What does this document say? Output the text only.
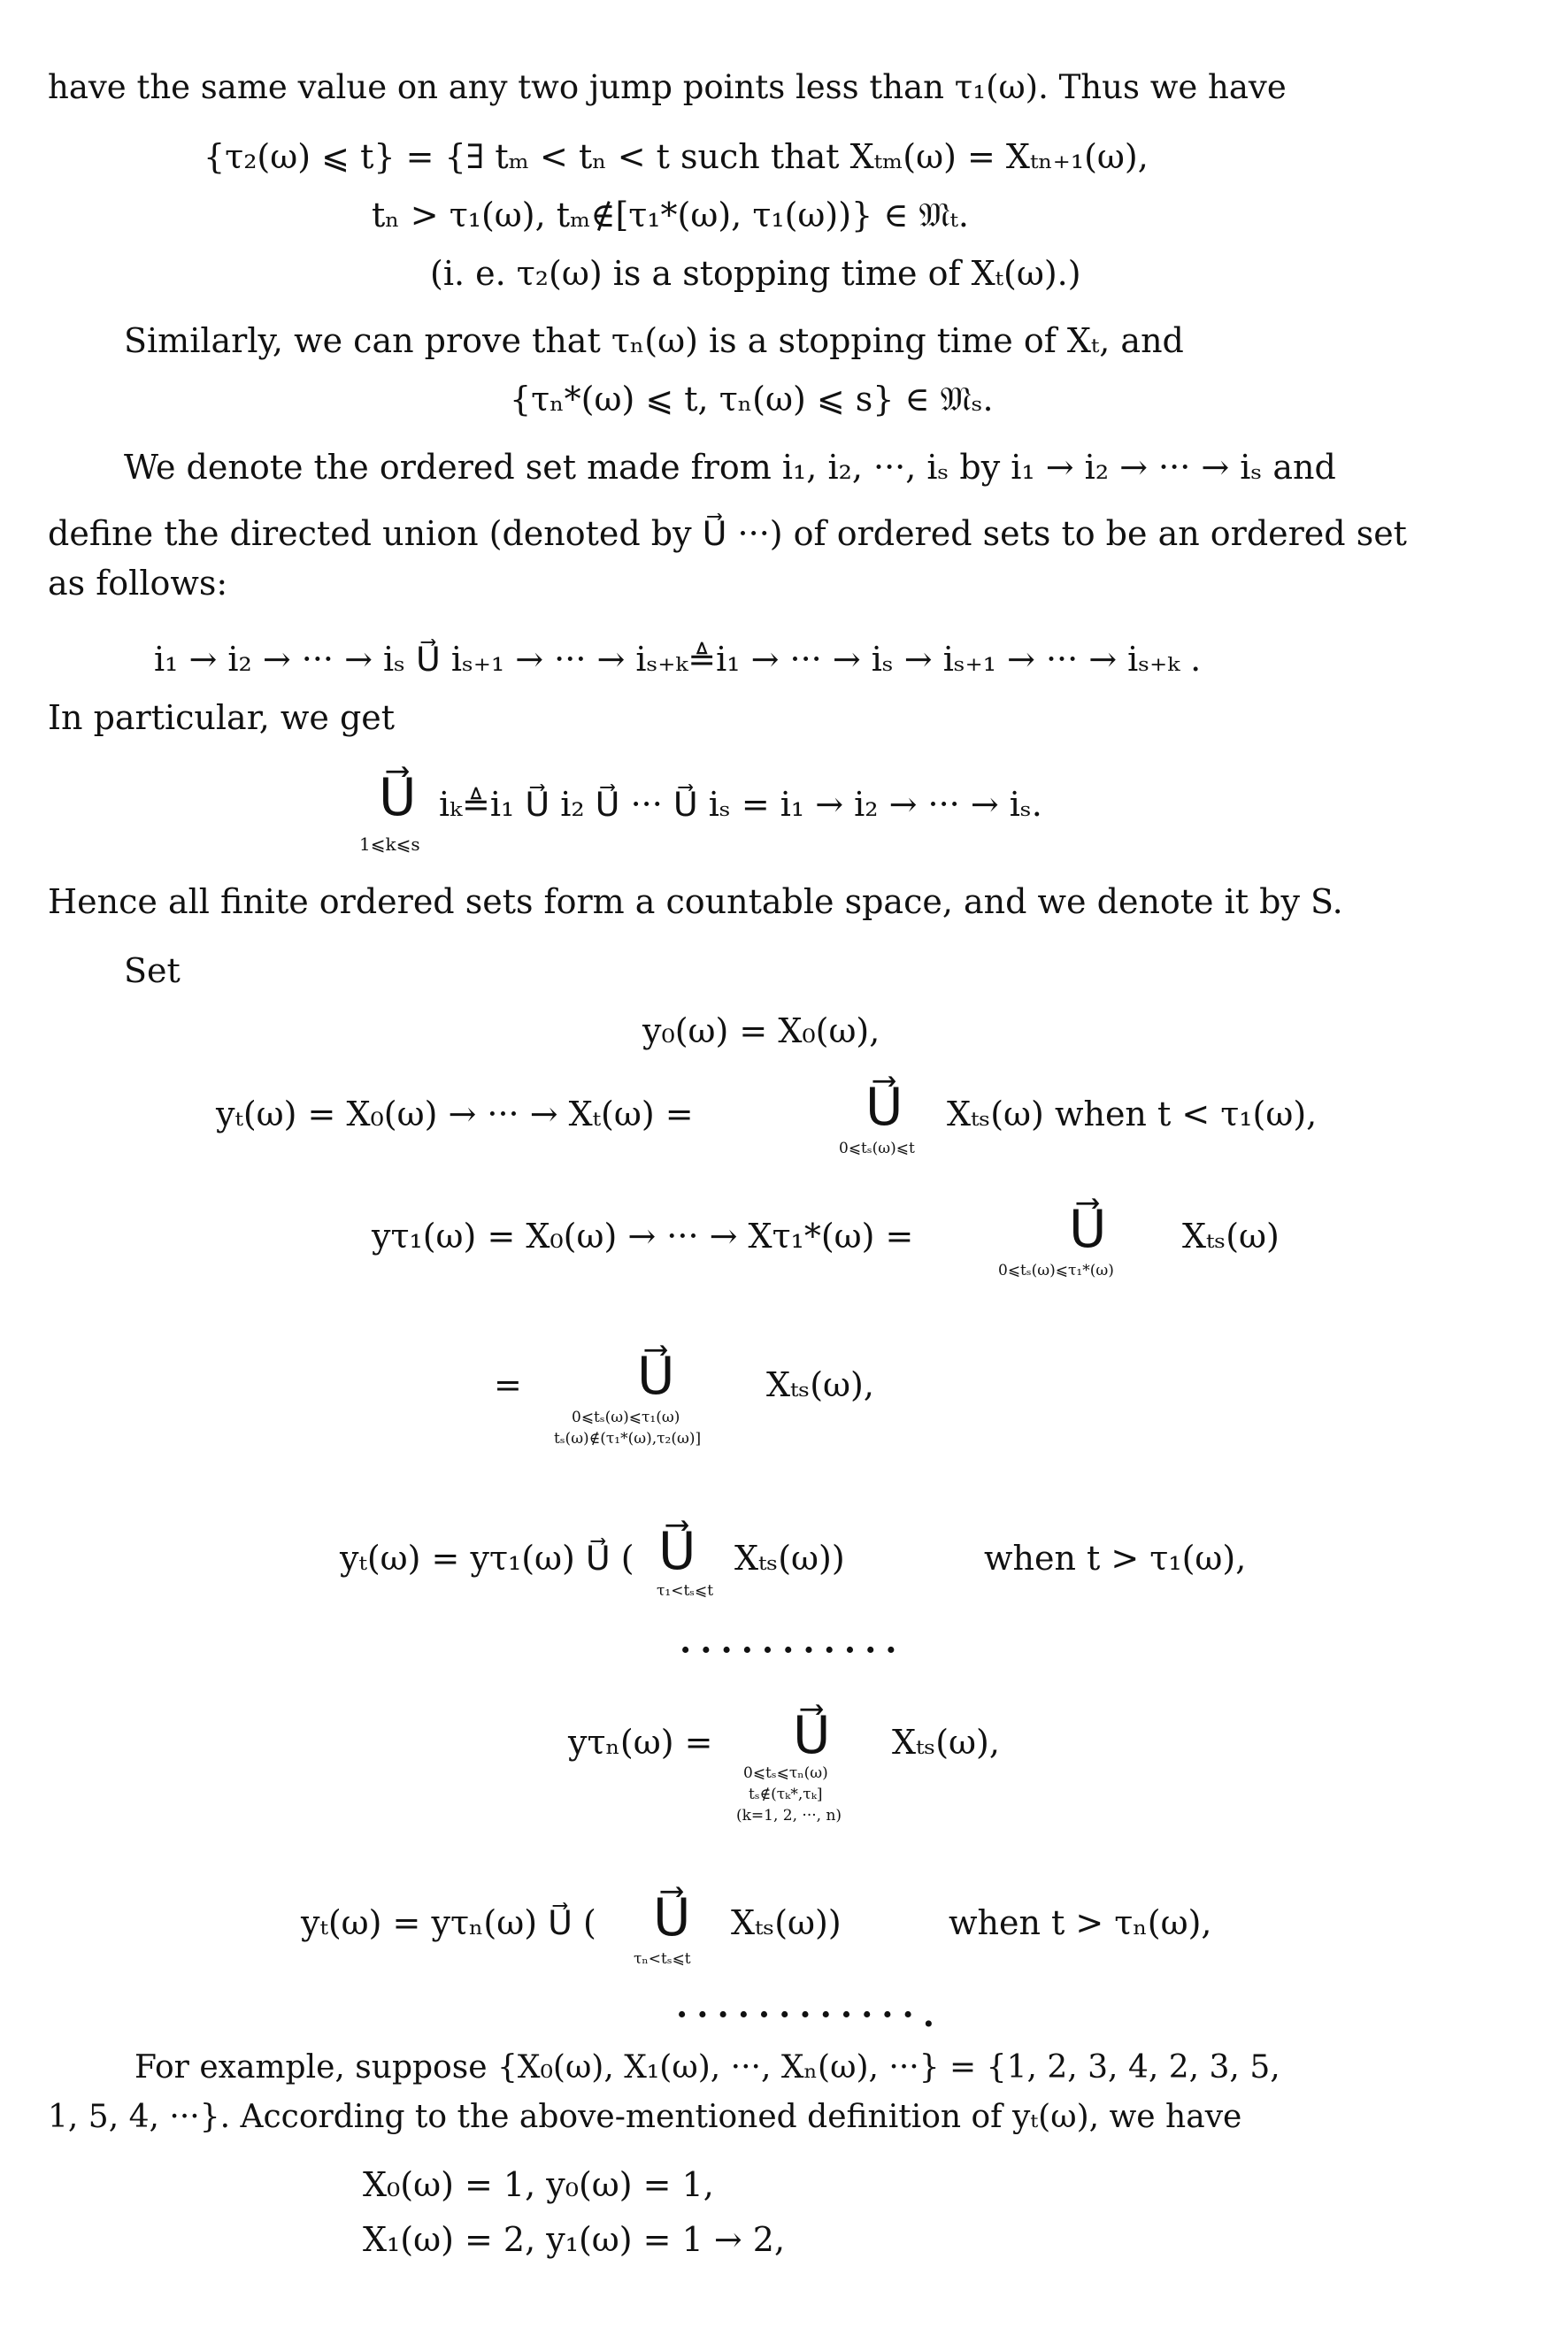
have the same value on any two jump points less than τ₁(ω). Thus we have
{τ₂(ω) ⩽ t} = {∃ tₘ < tₙ < t such that Xₜₘ(ω) = Xₜₙ₊₁(ω),
tₙ > τ₁(ω), tₘ∉[τ₁*(ω), τ₁(ω))} ∈ 𝔐ₜ.
(i. e. τ₂(ω) is a stopping time of Xₜ(ω).)
Similarly, we can prove that τₙ(ω) is a stopping time of Xₜ, and
{τₙ*(ω) ⩽ t, τₙ(ω) ⩽ s} ∈ 𝔐ₛ.
We denote the ordered set made from i₁, i₂, ···, iₛ by i₁ → i₂ → ··· → iₛ and
define the directed union (denoted by U⃗ ···) of ordered sets to be an ordered set
as follows:
i₁ → i₂ → ··· → iₛ U⃗ iₛ₊₁ → ··· → iₛ₊ₖ≜i₁ → ··· → iₛ → iₛ₊₁ → ··· → iₛ₊ₖ .
In particular, we get
U⃗ iₖ≜i₁ U⃗ i₂ U⃗ ··· U⃗ iₛ = i₁ → i₂ → ··· → iₛ.
1⩽k⩽s
Hence all finite ordered sets form a countable space, and we denote it by S.
Set
y₀(ω) = X₀(ω),
yₜ(ω) = X₀(ω) → ··· → Xₜ(ω) =	U⃗
0⩽tₛ(ω)⩽t
Xₜₛ(ω) when t < τ₁(ω),
yτ₁(ω) = X₀(ω) → ··· → Xτ₁*(ω) =	U⃗
0⩽tₛ(ω)⩽τ₁*(ω)
Xₜₛ(ω)
= U⃗
0⩽tₛ(ω)⩽τ₁(ω)
tₛ(ω)∉(τ₁*(ω),τ₂(ω)]
Xₜₛ(ω),
yₜ(ω) = yτ₁(ω) U⃗ ( U⃗
τ₁<tₛ⩽t
Xₜₛ(ω))	when t > τ₁(ω),
···········
yτₙ(ω) = U⃗
0⩽tₛ⩽τₙ(ω)
tₛ∉(τₖ*,τₖ]
(k=1, 2, ···, n)
Xₜₛ(ω),
yₜ(ω) = yτₙ(ω) U⃗ ( U⃗
τₙ<tₛ⩽t
Xₜₛ(ω))	when t > τₙ(ω),
············.
For example, suppose {X₀(ω), X₁(ω), ···, Xₙ(ω), ···} = {1, 2, 3, 4, 2, 3, 5,
1, 5, 4, ···}. According to the above-mentioned definition of yₜ(ω), we have
X₀(ω) = 1, y₀(ω) = 1,
X₁(ω) = 2, y₁(ω) = 1 → 2,
